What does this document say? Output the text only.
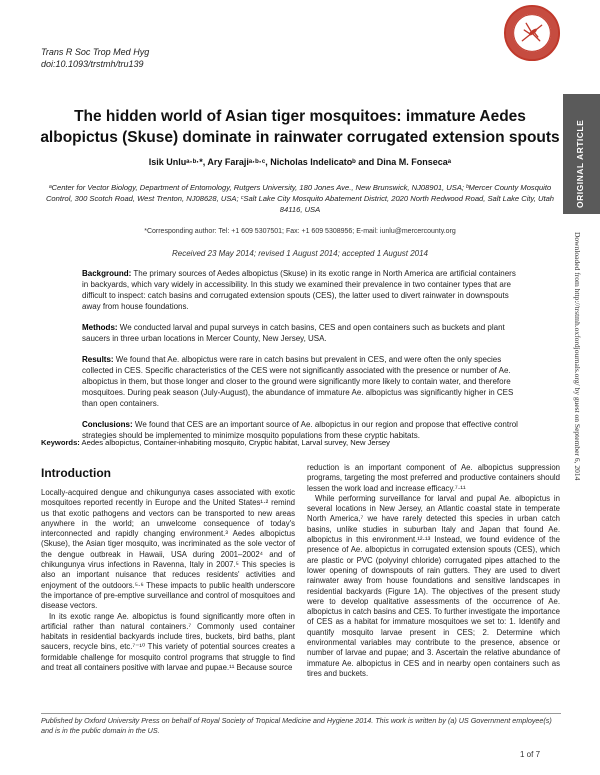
Trans R Soc Trop Med Hyg
doi:10.1093/trstmh/tru139
ORIGINAL ARTICLE
Downloaded from http://trstmh.oxfordjournals.org/ by guest on September 6, 2014
The hidden world of Asian tiger mosquitoes: immature Aedes albopictus (Skuse) dominate in rainwater corrugated extension spouts
Isik Unluᵃ·ᵇ·*, Ary Farajiᵃ·ᵇ·ᶜ, Nicholas Indelicatoᵇ and Dina M. Fonsecaᵃ
ᵃCenter for Vector Biology, Department of Entomology, Rutgers University, 180 Jones Ave., New Brunswick, NJ08901, USA; ᵇMercer County Mosquito Control, 300 Scotch Road, West Trenton, NJ08628, USA; ᶜSalt Lake City Mosquito Abatement District, 2020 North Redwood Road, Salt Lake City, Utah 84116, USA
*Corresponding author: Tel: +1 609 5307501; Fax: +1 609 5308956; E-mail: iunlu@mercercounty.org
Received 23 May 2014; revised 1 August 2014; accepted 1 August 2014

Background: The primary sources of Aedes albopictus (Skuse) in its exotic range in North America are artificial containers in backyards, which vary widely in accessibility. In this study we examined their prevalence in two container types that are difficult to inspect: catch basins and corrugated extension spouts (CES), the latter used to divert rainwater in downspouts away from house foundations.

Methods: We conducted larval and pupal surveys in catch basins, CES and open containers such as buckets and plant saucers in three urban locations in Mercer County, New Jersey, USA.

Results: We found that Ae. albopictus were rare in catch basins but prevalent in CES, and were often the only species collected in CES. Specific characteristics of the CES were not significantly associated with the presence or number of Ae. albopictus in them, but those longer and closer to the ground were significantly more likely to contain water, and therefore mosquitoes. During peak season (July-August), the abundance of immature Ae. albopictus was significantly higher in CES than open containers.

Conclusions: We found that CES are an important source of Ae. albopictus in our region and propose that effective control strategies should be implemented to minimize mosquito populations from these cryptic habitats.

Keywords: Aedes albopictus, Container-inhabiting mosquito, Cryptic habitat, Larval survey, New Jersey
Introduction

Locally-acquired dengue and chikungunya cases associated with exotic mosquitoes reported recently in Europe and the United States¹·² remind us that exotic pathogens and vectors can be transported to new areas anywhere in the world; an unwelcome consequence of today's interconnected and rapidly changing environment.³ Aedes albopictus (Skuse), the Asian tiger mosquito, was incriminated as the sole vector of the dengue outbreak in Hawaii, USA during 2001–2002⁴ and of chikungunya virus infections in Ravenna, Italy in 2007.⁵ This species is also an important nuisance that reduces residents' activities and enjoyment of the outdoors.⁵·⁶ These impacts to public health underscore the importance of pre-emptive surveillance and control of mosquitoes and disease vectors.

In its exotic range Ae. albopictus is found significantly more often in artificial rather than natural containers.⁷ Commonly used container habitats in residential backyards include tires, buckets, bird baths, plant saucers, recycle bins, etc.⁷⁻¹⁰ This variety of potential sources creates a formidable challenge for mosquito control programs that struggle to find and treat all containers positive with larvae and pupae.¹¹ Because source

reduction is an important component of Ae. albopictus suppression programs, targeting the most preferred and productive containers should lessen the work load and increase efficacy.⁷·¹¹

While performing surveillance for larval and pupal Ae. albopictus in several locations in New Jersey, an Atlantic coastal state in temperate North America,⁷ we have rarely detected this species in urban catch basins, unlike studies in suburban Italy and Japan that found Ae. albopictus in this environment.¹²·¹³ Instead, we found evidence of the presence of Ae. albopictus in corrugated extension spouts (CES), which are plastic or PVC (polyvinyl chloride) corrugated pipes attached to the lower opening of downspouts of rain gutters. They are used to divert rainwater away from house foundations and sensitive landscapes in residential backyards (Figure 1A). The objectives of the present study were to develop qualitative assessments of the occurrence of Ae. albopictus in catch basins and CES. To further investigate the importance of CES as a habitat for immature mosquitoes we set to: 1. Identify and quantify mosquito larvae present in CES; 2. Determine which environmental variables may contribute to the presence, absence or number of larvae and pupae; and 3. Ascertain the relative abundance of immature Ae. albopictus in CES and in nearby open containers such as tires and buckets.

Published by Oxford University Press on behalf of Royal Society of Tropical Medicine and Hygiene 2014. This work is written by (a) US Government employee(s) and is in the public domain in the US.
1 of 7
